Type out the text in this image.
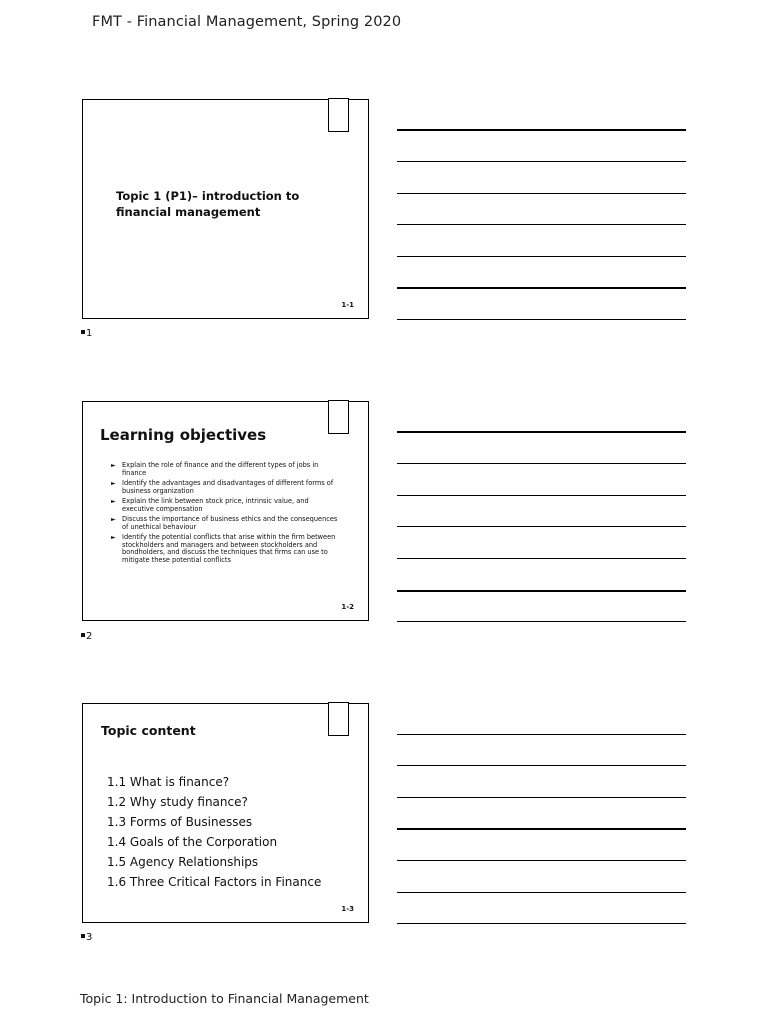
FMT - Financial Management, Spring 2020
Topic 1 (P1)– introduction to financial management
1-1
1
Learning objectives
► Explain the role of finance and the different types of jobs in finance
► Identify the advantages and disadvantages of different forms of business organization
► Explain the link between stock price, intrinsic value, and executive compensation
► Discuss the importance of business ethics and the consequences of unethical behaviour
► Identify the potential conflicts that arise within the firm between stockholders and managers and between stockholders and bondholders, and discuss the techniques that firms can use to mitigate these potential conflicts
1-2
2
Topic content
1.1 What is finance?
1.2 Why study finance?
1.3 Forms of Businesses
1.4 Goals of the Corporation
1.5 Agency Relationships
1.6 Three Critical Factors in Finance
1-3
3
Topic 1: Introduction to Financial Management
